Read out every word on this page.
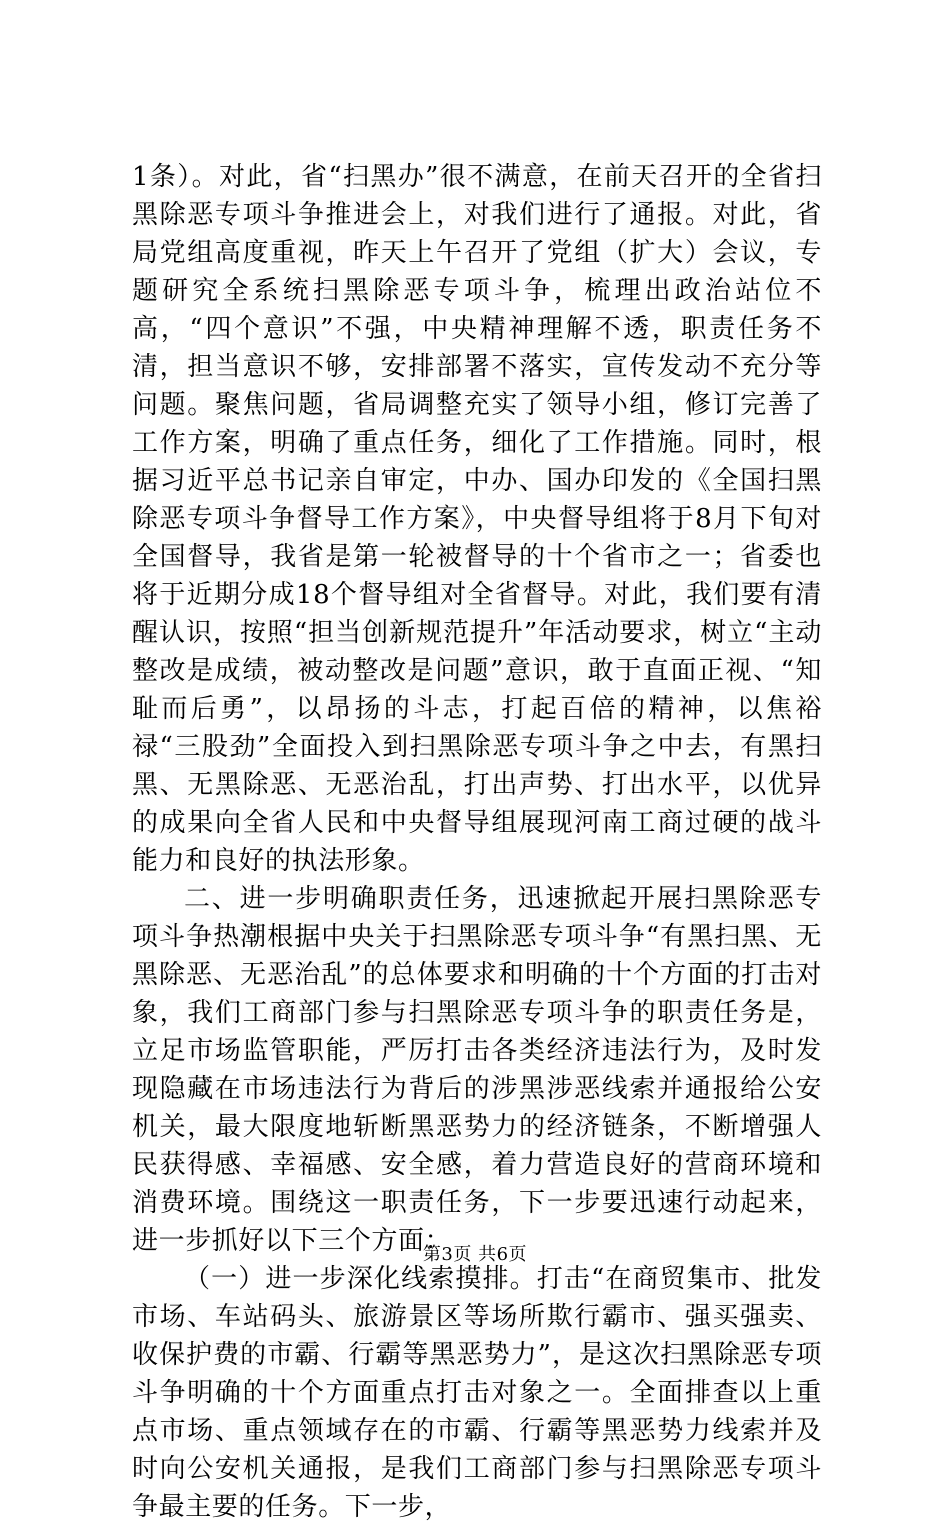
1条）。对此，省“扫黑办”很不满意，在前天召开的全省扫黑除恶专项斗争推进会上，对我们进行了通报。对此，省局党组高度重视，昨天上午召开了党组（扩大）会议，专题研究全系统扫黑除恶专项斗争，梳理出政治站位不高，“四个意识”不强，中央精神理解不透，职责任务不清，担当意识不够，安排部署不落实，宣传发动不充分等问题。聚焦问题，省局调整充实了领导小组，修订完善了工作方案，明确了重点任务，细化了工作措施。同时，根据习近平总书记亲自审定，中办、国办印发的《全国扫黑除恶专项斗争督导工作方案》，中央督导组将于8月下旬对全国督导，我省是第一轮被督导的十个省市之一；省委也将于近期分成18个督导组对全省督导。对此，我们要有清醒认识，按照“担当创新规范提升”年活动要求，树立“主动整改是成绩，被动整改是问题”意识，敢于直面正视、“知耻而后勇”，以昂扬的斗志，打起百倍的精神，以焦裕禄“三股劲”全面投入到扫黑除恶专项斗争之中去，有黑扫黑、无黑除恶、无恶治乱，打出声势、打出水平，以优异的成果向全省人民和中央督导组展现河南工商过硬的战斗能力和良好的执法形象。

二、进一步明确职责任务，迅速掀起开展扫黑除恶专项斗争热潮根据中央关于扫黑除恶专项斗争“有黑扫黑、无黑除恶、无恶治乱”的总体要求和明确的十个方面的打击对象，我们工商部门参与扫黑除恶专项斗争的职责任务是，立足市场监管职能，严厉打击各类经济违法行为，及时发现隐藏在市场违法行为背后的涉黑涉恶线索并通报给公安机关，最大限度地斩断黑恶势力的经济链条，不断增强人民获得感、幸福感、安全感，着力营造良好的营商环境和消费环境。围绕这一职责任务，下一步要迅速行动起来，进一步抓好以下三个方面：

（一）进一步深化线索摸排。打击“在商贸集市、批发市场、车站码头、旅游景区等场所欺行霸市、强买强卖、收保护费的市霸、行霸等黑恶势力”，是这次扫黑除恶专项斗争明确的十个方面重点打击对象之一。全面排查以上重点市场、重点领域存在的市霸、行霸等黑恶势力线索并及时向公安机关通报，是我们工商部门参与扫黑除恶专项斗争最主要的任务。下一步，

第3页 共6页
